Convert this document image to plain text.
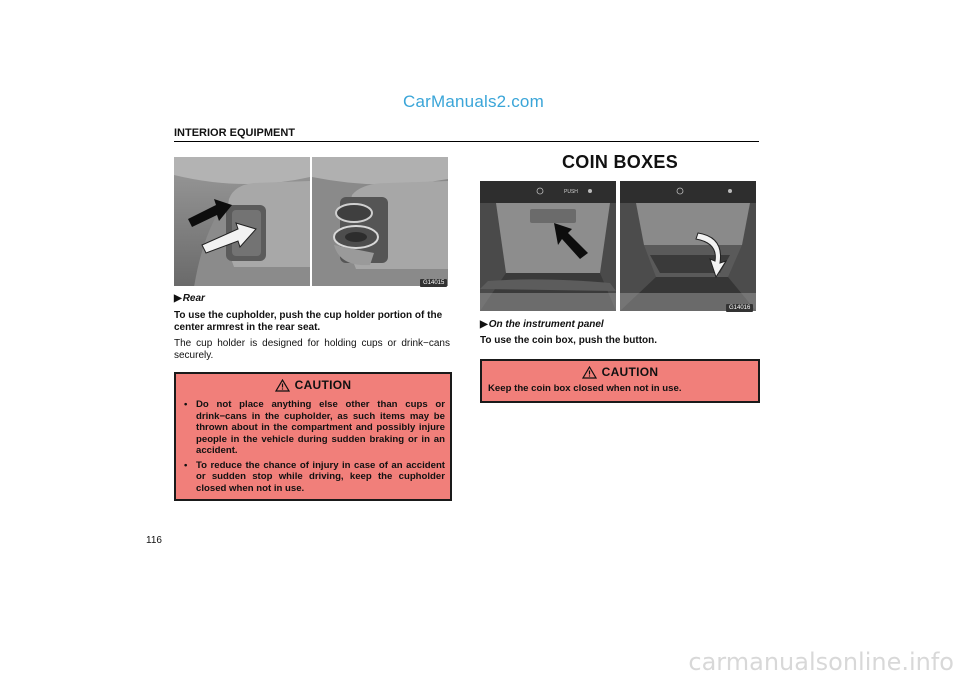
CarManuals2.com
INTERIOR EQUIPMENT
G14015
▶Rear
To use the cupholder, push the cup holder portion of the center armrest in the rear seat.
The cup holder is designed for holding cups or drink−cans securely.
CAUTION
• Do not place anything else other than cups or drink−cans in the cupholder, as such items may be thrown about in the compartment and possibly injure people in the vehicle during sudden braking or in an accident.
• To reduce the chance of injury in case of an accident or sudden stop while driving, keep the cupholder closed when not in use.
116
COIN BOXES
PUSH
G14016
▶On the instrument panel
To use the coin box, push the button.
CAUTION
Keep the coin box closed when not in use.
carmanualsonline.info
